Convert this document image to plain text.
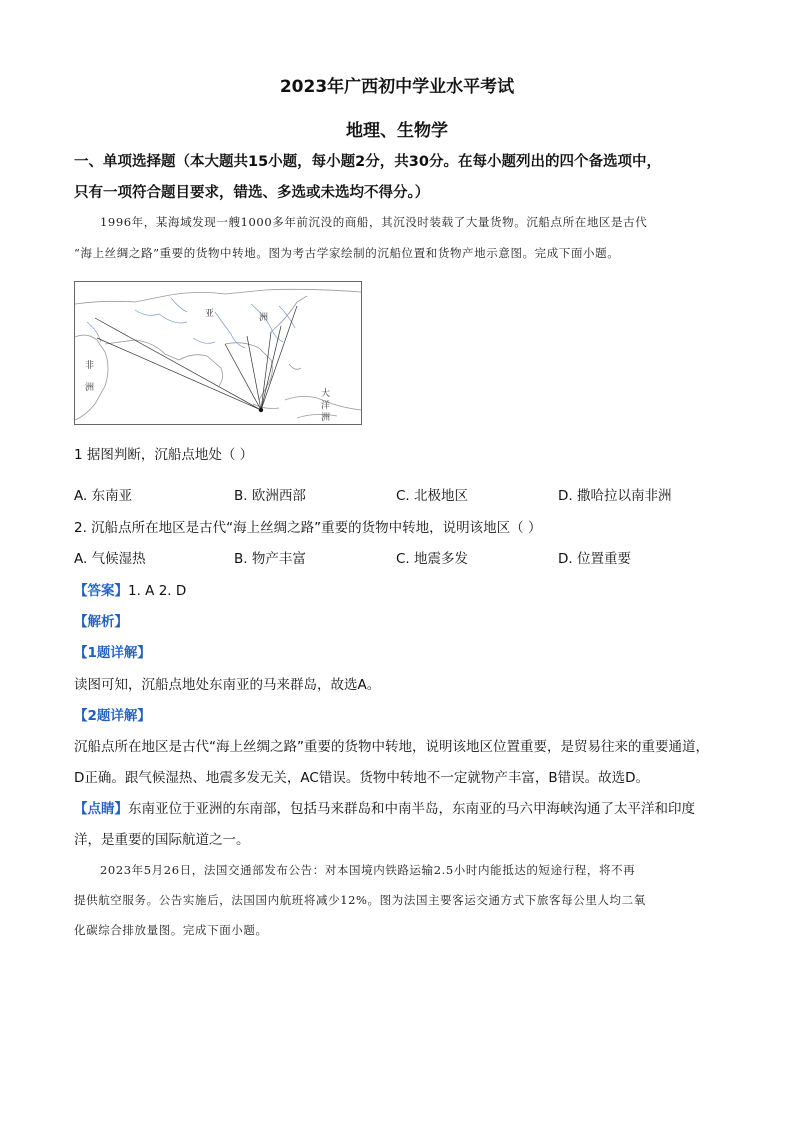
2023年广西初中学业水平考试
地理、生物学
一、单项选择题（本大题共15小题，每小题2分，共30分。在每小题列出的四个备选项中，
只有一项符合题目要求，错选、多选或未选均不得分。）
1996年，某海域发现一艘1000多年前沉没的商船，其沉没时装载了大量货物。沉船点所在地区是古代
“海上丝绸之路”重要的货物中转地。图为考古学家绘制的沉船位置和货物产地示意图。完成下面小题。
亚	洲
非
洲
大
洋
洲
1 据图判断，沉船点地处（ ）
A. 东南亚	B. 欧洲西部	C. 北极地区	D. 撒哈拉以南非洲
2. 沉船点所在地区是古代“海上丝绸之路”重要的货物中转地，说明该地区（ ）
A. 气候湿热	B. 物产丰富	C. 地震多发	D. 位置重要
【答案】1. A 2. D
【解析】
【1题详解】
读图可知，沉船点地处东南亚的马来群岛，故选A。
【2题详解】
沉船点所在地区是古代“海上丝绸之路”重要的货物中转地，说明该地区位置重要，是贸易往来的重要通道，
D正确。跟气候湿热、地震多发无关，AC错误。货物中转地不一定就物产丰富，B错误。故选D。
【点睛】东南亚位于亚洲的东南部，包括马来群岛和中南半岛，东南亚的马六甲海峡沟通了太平洋和印度
洋，是重要的国际航道之一。
2023年5月26日，法国交通部发布公告：对本国境内铁路运输2.5小时内能抵达的短途行程，将不再
提供航空服务。公告实施后，法国国内航班将减少12%。图为法国主要客运交通方式下旅客每公里人均二氧
化碳综合排放量图。完成下面小题。
